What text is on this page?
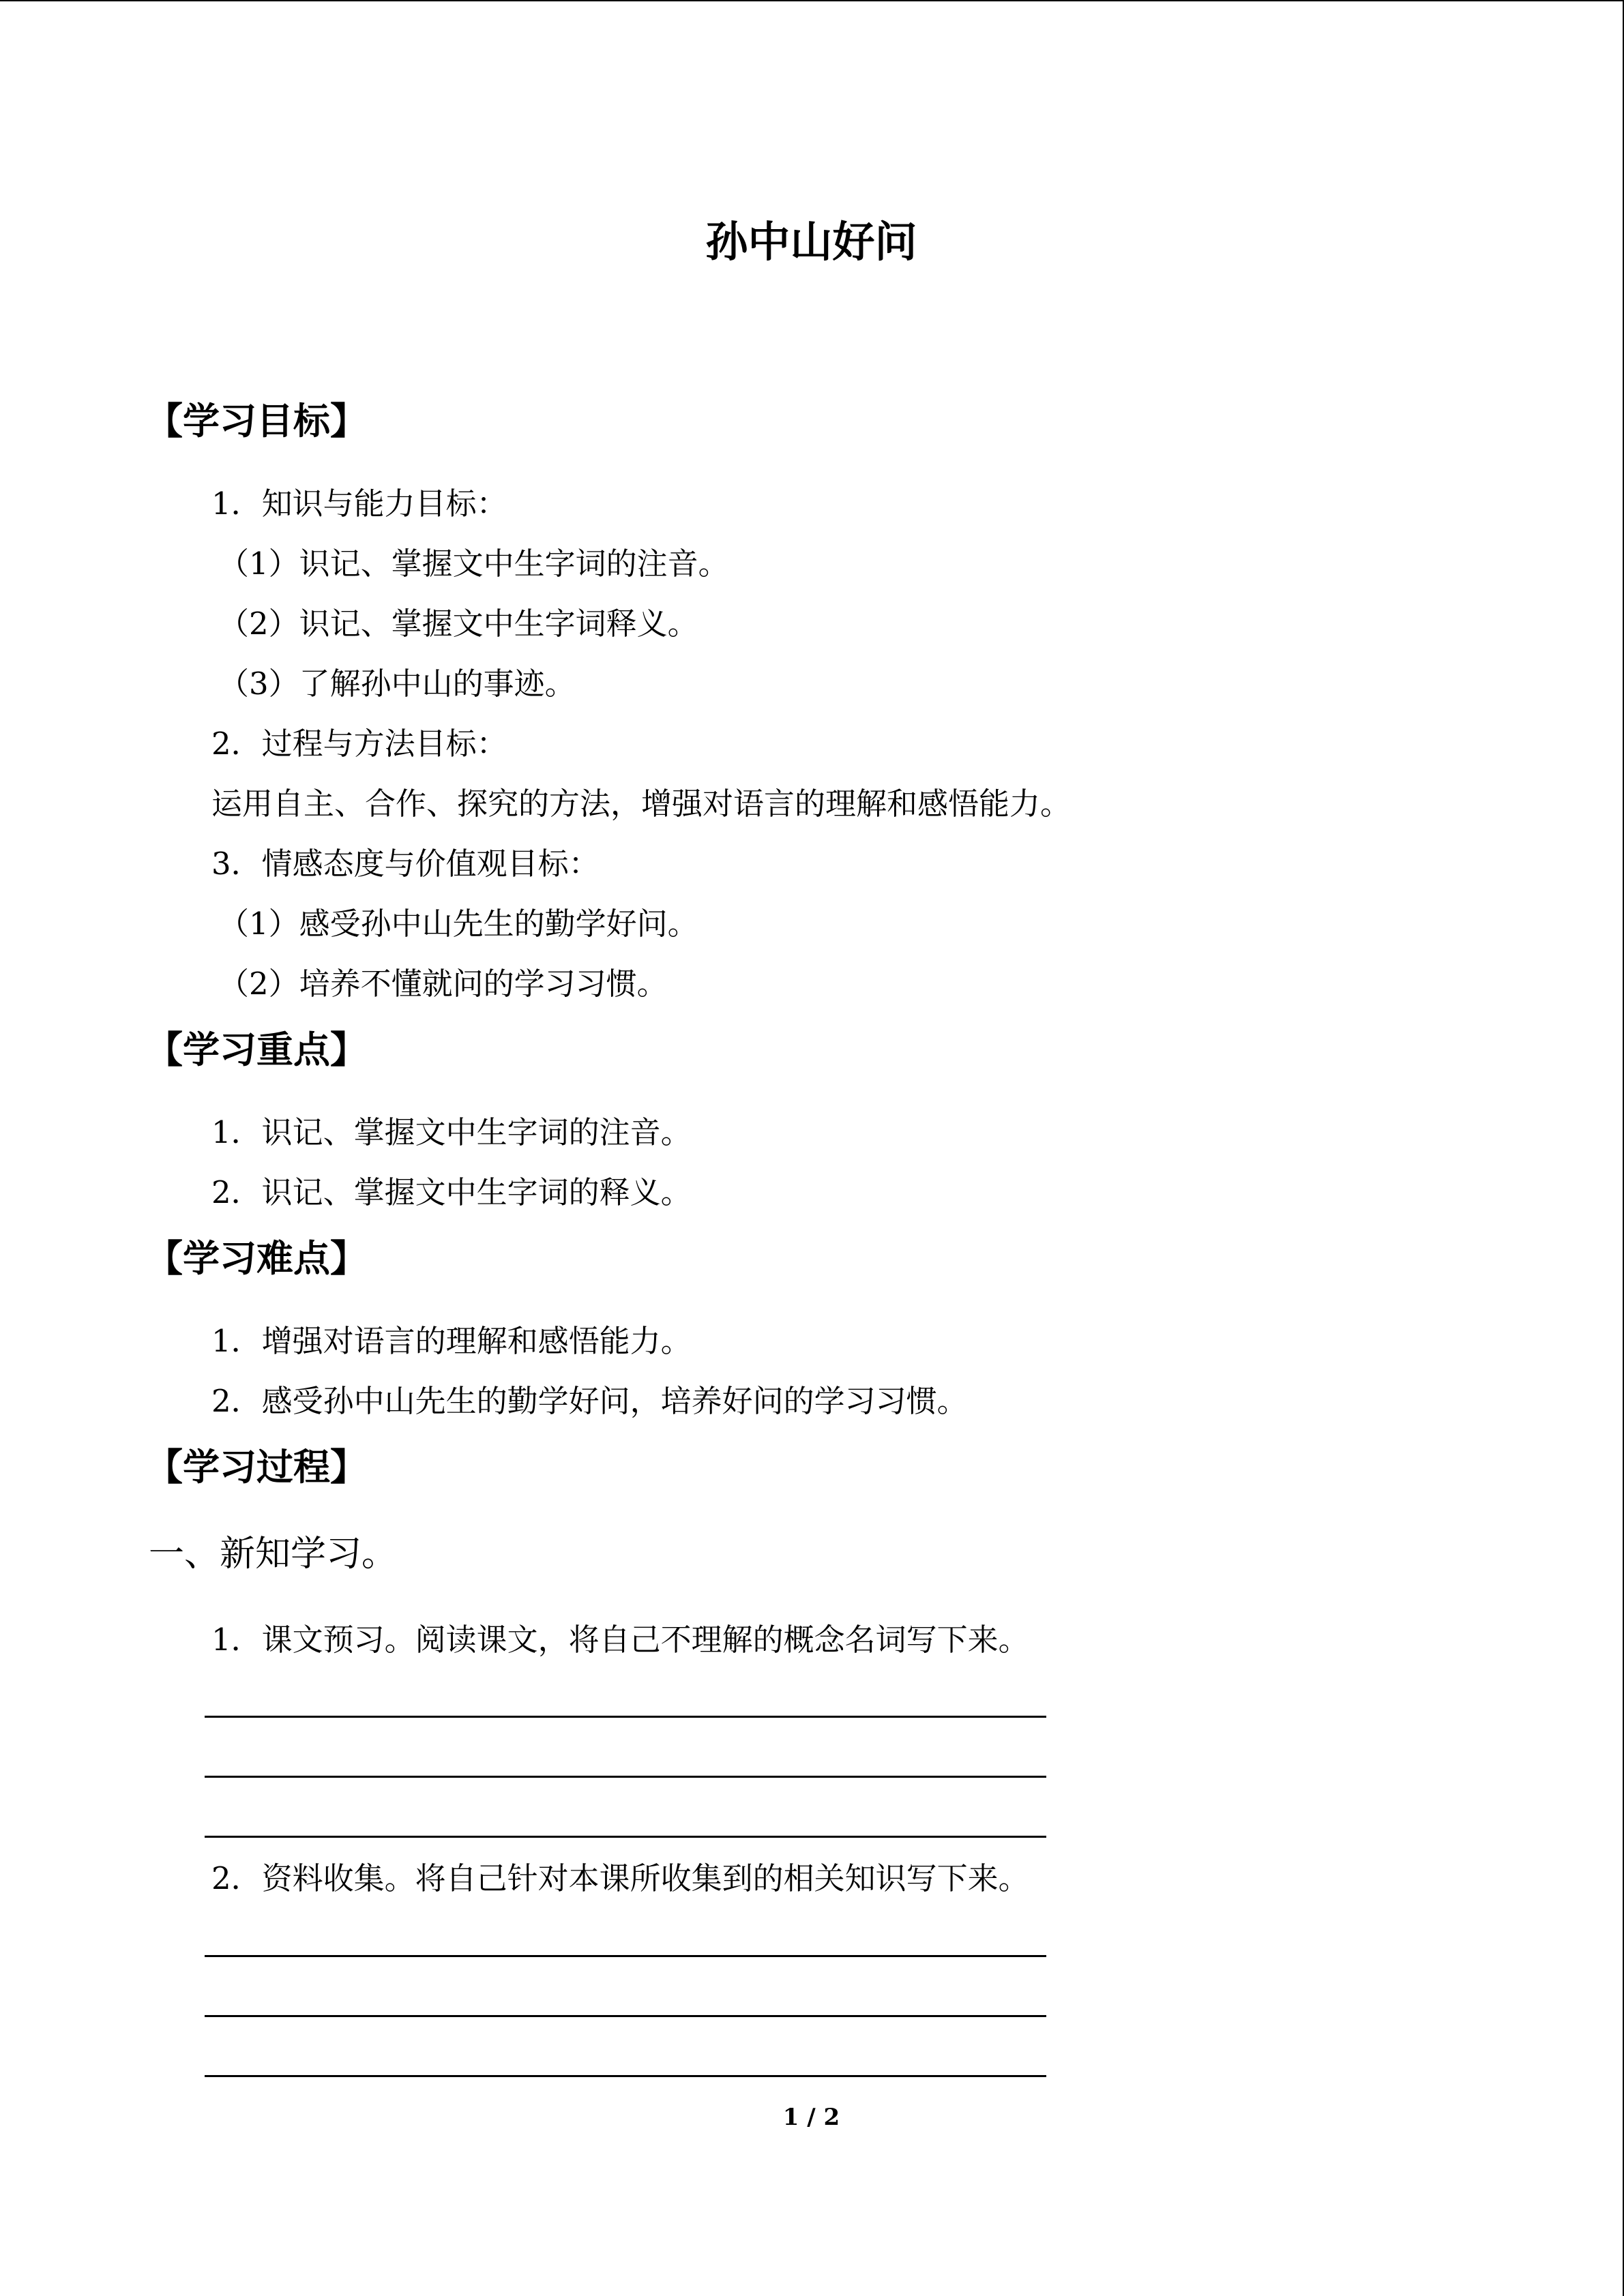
孙中山好问
【学习目标】
1．知识与能力目标：
（1）识记、掌握文中生字词的注音。
（2）识记、掌握文中生字词释义。
（3）了解孙中山的事迹。
2．过程与方法目标：
运用自主、合作、探究的方法，增强对语言的理解和感悟能力。
3．情感态度与价值观目标：
（1）感受孙中山先生的勤学好问。
（2）培养不懂就问的学习习惯。
【学习重点】
1．识记、掌握文中生字词的注音。
2．识记、掌握文中生字词的释义。
【学习难点】
1．增强对语言的理解和感悟能力。
2．感受孙中山先生的勤学好问，培养好问的学习习惯。
【学习过程】
一、新知学习。
1．课文预习。阅读课文，将自己不理解的概念名词写下来。
2．资料收集。将自己针对本课所收集到的相关知识写下来。
1 / 2
